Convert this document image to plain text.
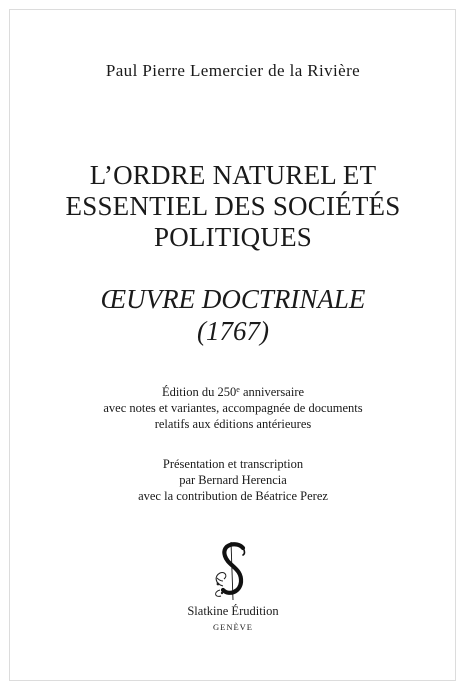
Paul Pierre Lemercier de la Rivière
L’ORDRE NATUREL ET
ESSENTIEL DES SOCIÉTÉS
POLITIQUES
ŒUVRE DOCTRINALE
(1767)
Édition du 250e anniversaire
avec notes et variantes, accompagnée de documents
relatifs aux éditions antérieures
Présentation et transcription
par Bernard Herencia
avec la contribution de Béatrice Perez
Slatkine Érudition
GENÈVE
